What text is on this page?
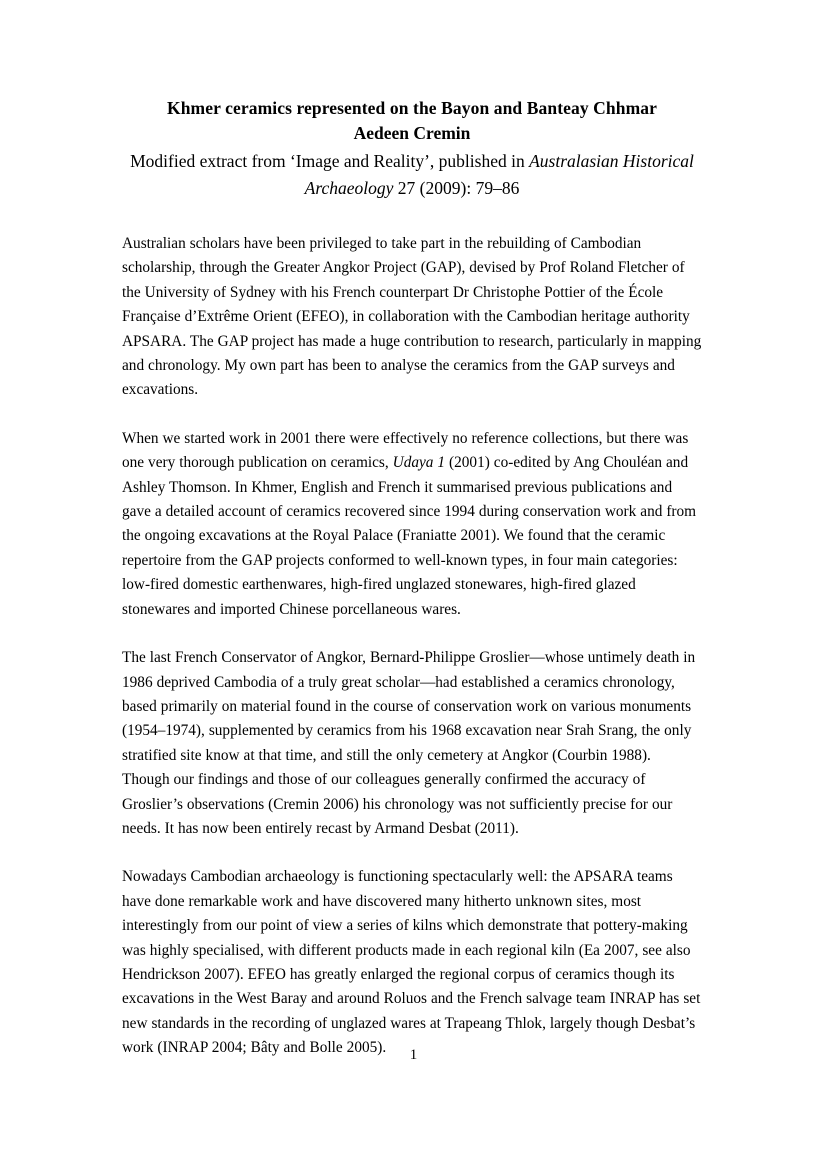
Khmer ceramics represented on the Bayon and Banteay Chhmar
Aedeen Cremin
Modified extract from ‘Image and Reality’, published in Australasian Historical Archaeology 27 (2009): 79–86

Australian scholars have been privileged to take part in the rebuilding of Cambodian scholarship, through the Greater Angkor Project (GAP), devised by Prof Roland Fletcher of the University of Sydney with his French counterpart Dr Christophe Pottier of the École Française d’Extrême Orient (EFEO), in collaboration with the Cambodian heritage authority APSARA. The GAP project has made a huge contribution to research, particularly in mapping and chronology. My own part has been to analyse the ceramics from the GAP surveys and excavations.

When we started work in 2001 there were effectively no reference collections, but there was one very thorough publication on ceramics, Udaya 1 (2001) co-edited by Ang Chouléan and Ashley Thomson. In Khmer, English and French it summarised previous publications and gave a detailed account of ceramics recovered since 1994 during conservation work and from the ongoing excavations at the Royal Palace (Franiatte 2001). We found that the ceramic repertoire from the GAP projects conformed to well-known types, in four main categories: low-fired domestic earthenwares, high-fired unglazed stonewares, high-fired glazed stonewares and imported Chinese porcellaneous wares.

The last French Conservator of Angkor, Bernard-Philippe Groslier—whose untimely death in 1986 deprived Cambodia of a truly great scholar—had established a ceramics chronology, based primarily on material found in the course of conservation work on various monuments (1954–1974), supplemented by ceramics from his 1968 excavation near Srah Srang, the only stratified site know at that time, and still the only cemetery at Angkor (Courbin 1988). Though our findings and those of our colleagues generally confirmed the accuracy of Groslier’s observations (Cremin 2006) his chronology was not sufficiently precise for our needs. It has now been entirely recast by Armand Desbat (2011).

Nowadays Cambodian archaeology is functioning spectacularly well: the APSARA teams have done remarkable work and have discovered many hitherto unknown sites, most interestingly from our point of view a series of kilns which demonstrate that pottery-making was highly specialised, with different products made in each regional kiln (Ea 2007, see also Hendrickson 2007). EFEO has greatly enlarged the regional corpus of ceramics though its excavations in the West Baray and around Roluos and the French salvage team INRAP has set new standards in the recording of unglazed wares at Trapeang Thlok, largely though Desbat’s work (INRAP 2004; Bâty and Bolle 2005).	1
